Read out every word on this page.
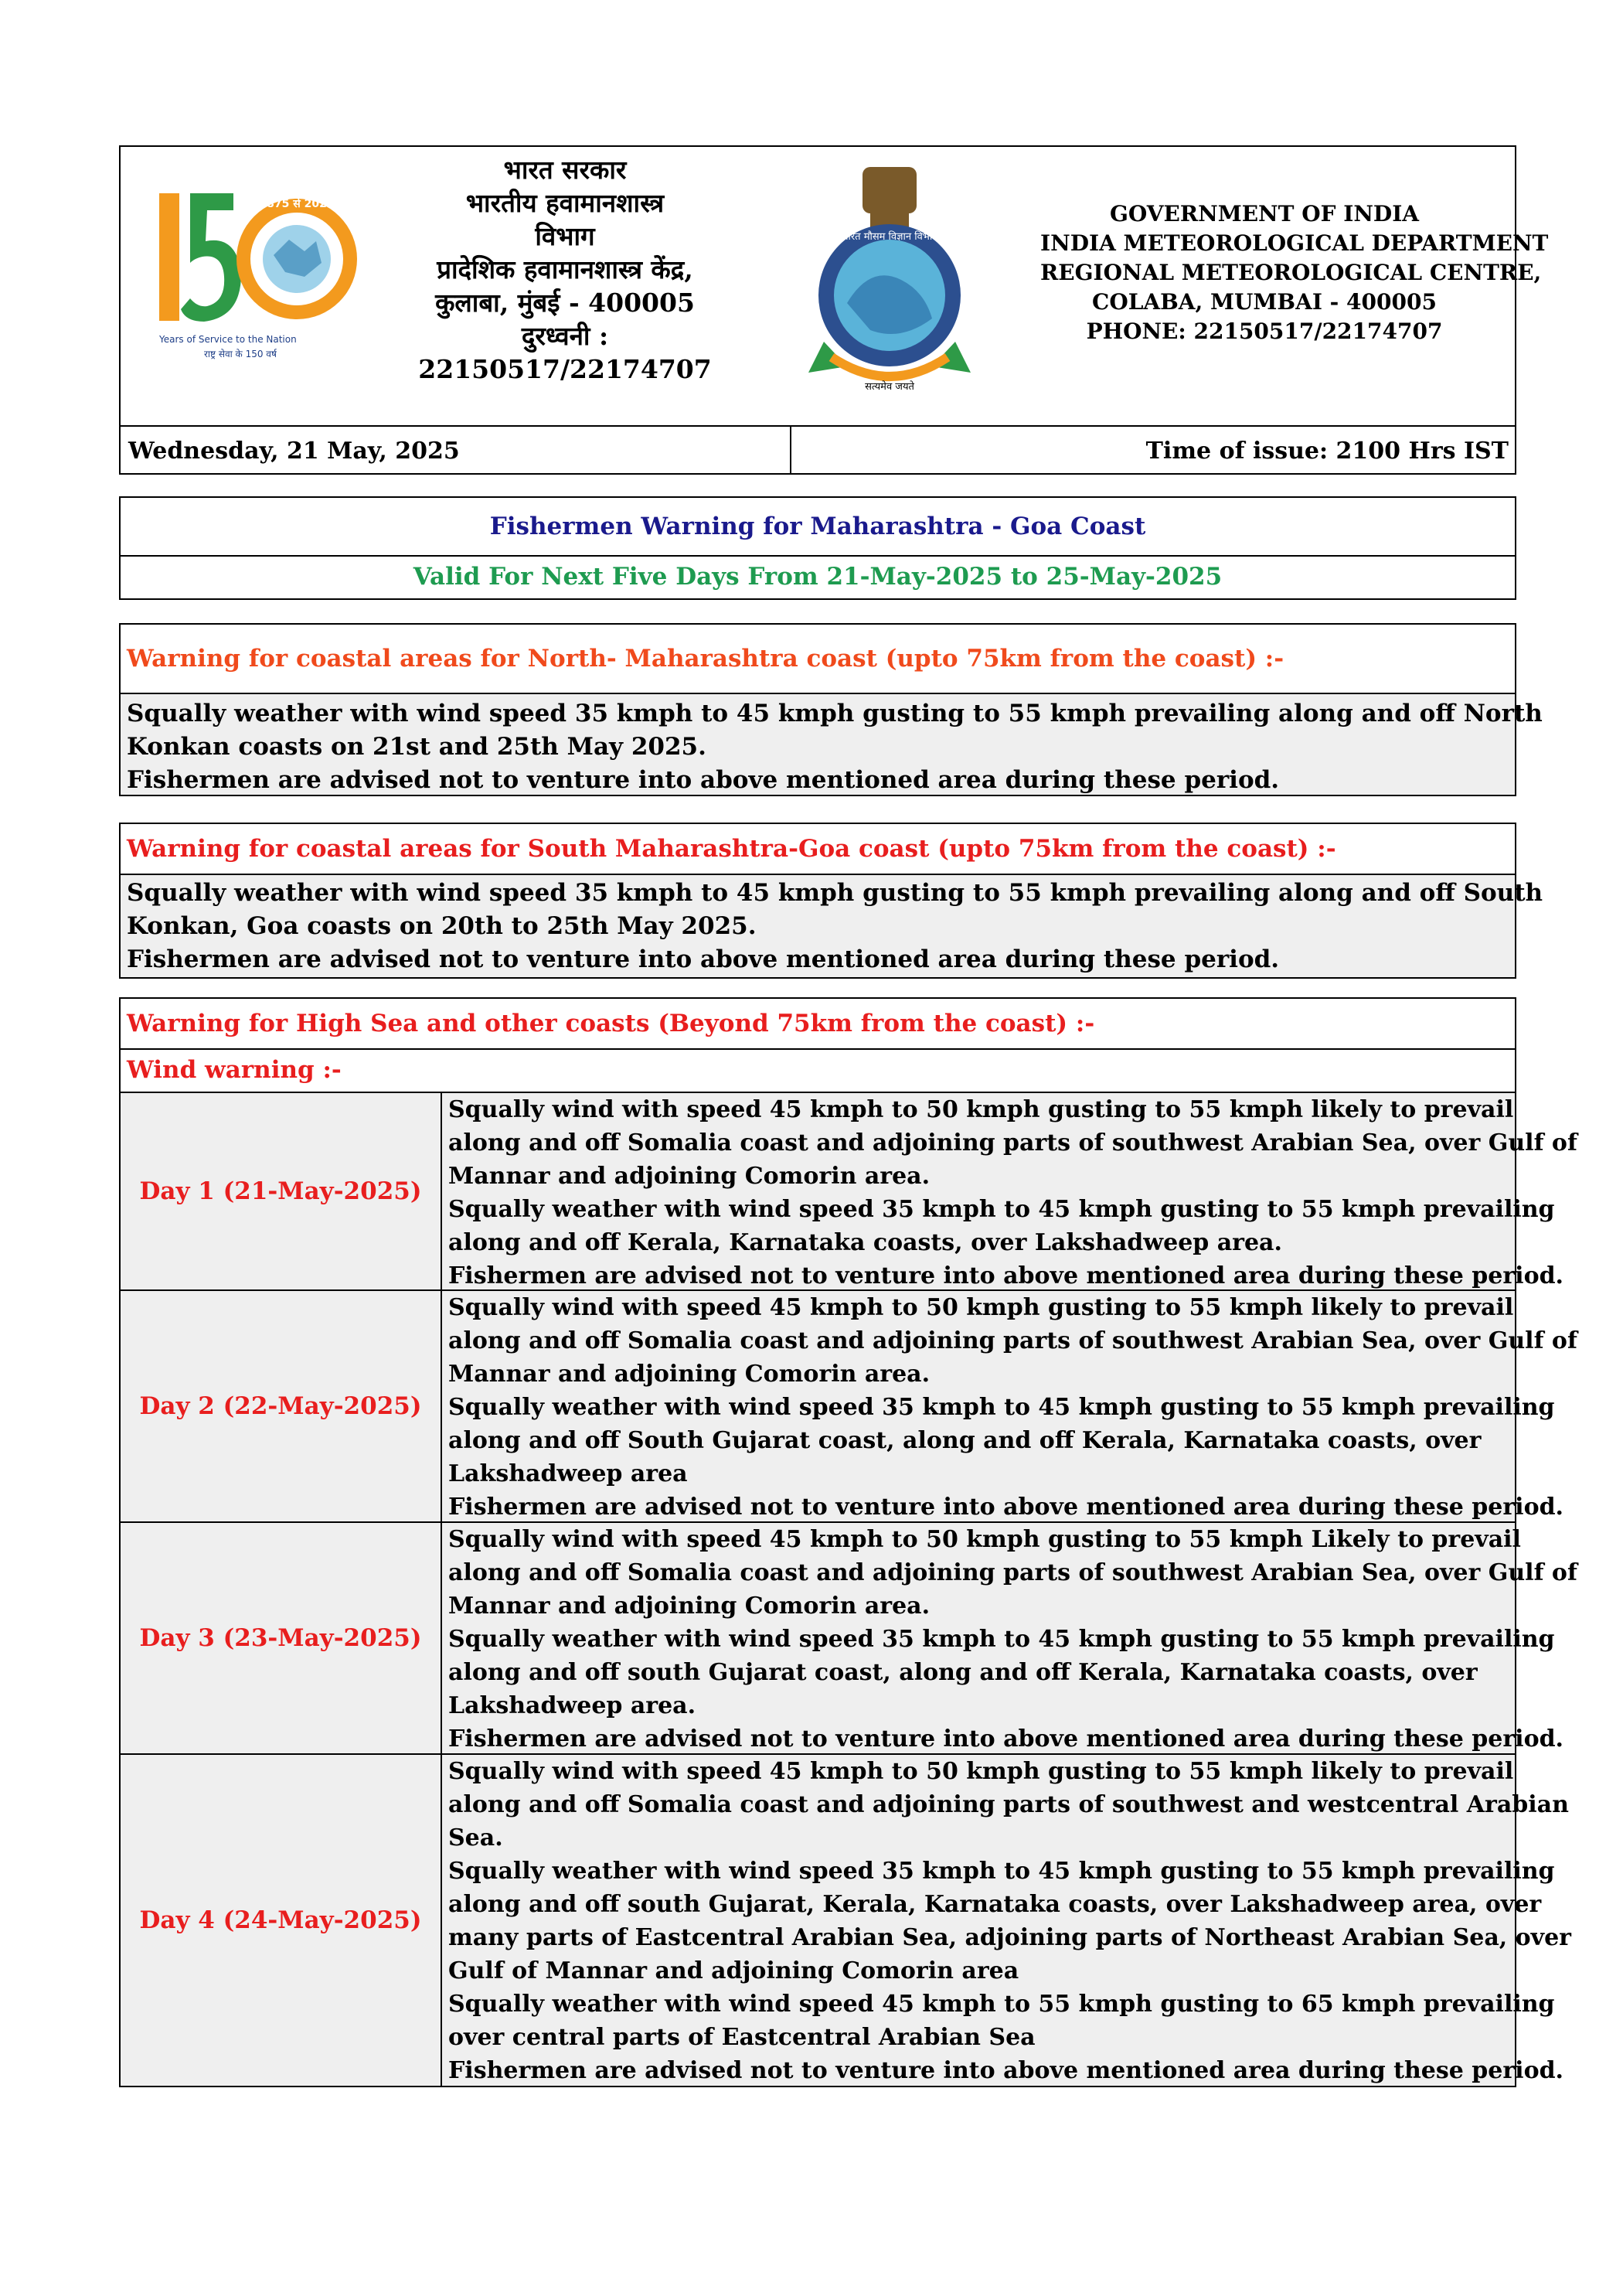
1875 से 2025
Years of Service to the Nation
राष्ट्र सेवा के 150 वर्ष
भारत सरकार
भारतीय हवामानशास्त्र
विभाग
प्रादेशिक हवामानशास्त्र केंद्र,
कुलाबा, मुंबई - 400005
दुरध्वनी :
22150517/22174707
सत्यमेव जयते
भारत मौसम विज्ञान विभाग
GOVERNMENT OF INDIA
INDIA METEOROLOGICAL DEPARTMENT
REGIONAL METEOROLOGICAL CENTRE,
COLABA, MUMBAI - 400005
PHONE: 22150517/22174707
Wednesday, 21 May, 2025	Time of issue: 2100 Hrs IST
Fishermen Warning for Maharashtra - Goa Coast
Valid For Next Five Days From 21-May-2025 to 25-May-2025
Warning for coastal areas for North- Maharashtra coast (upto 75km from the coast) :-
Squally weather with wind speed 35 kmph to 45 kmph gusting to 55 kmph prevailing along and off North
Konkan coasts on 21st and 25th May 2025.
Fishermen are advised not to venture into above mentioned area during these period.
Warning for coastal areas for South Maharashtra-Goa coast (upto 75km from the coast) :-
Squally weather with wind speed 35 kmph to 45 kmph gusting to 55 kmph prevailing along and off South
Konkan, Goa coasts on 20th to 25th May 2025.
Fishermen are advised not to venture into above mentioned area during these period.
Warning for High Sea and other coasts (Beyond 75km from the coast) :-
Wind warning :-
Day 1 (21-May-2025)
Squally wind with speed 45 kmph to 50 kmph gusting to 55 kmph likely to prevail
along and off Somalia coast and adjoining parts of southwest Arabian Sea, over Gulf of
Mannar and adjoining Comorin area.
Squally weather with wind speed 35 kmph to 45 kmph gusting to 55 kmph prevailing
along and off Kerala, Karnataka coasts, over Lakshadweep area.
Fishermen are advised not to venture into above mentioned area during these period.
Day 2 (22-May-2025)
Squally wind with speed 45 kmph to 50 kmph gusting to 55 kmph likely to prevail
along and off Somalia coast and adjoining parts of southwest Arabian Sea, over Gulf of
Mannar and adjoining Comorin area.
Squally weather with wind speed 35 kmph to 45 kmph gusting to 55 kmph prevailing
along and off South Gujarat coast, along and off Kerala, Karnataka coasts, over
Lakshadweep area
Fishermen are advised not to venture into above mentioned area during these period.
Day 3 (23-May-2025)
Squally wind with speed 45 kmph to 50 kmph gusting to 55 kmph Likely to prevail
along and off Somalia coast and adjoining parts of southwest Arabian Sea, over Gulf of
Mannar and adjoining Comorin area.
Squally weather with wind speed 35 kmph to 45 kmph gusting to 55 kmph prevailing
along and off south Gujarat coast, along and off Kerala, Karnataka coasts, over
Lakshadweep area.
Fishermen are advised not to venture into above mentioned area during these period.
Day 4 (24-May-2025)
Squally wind with speed 45 kmph to 50 kmph gusting to 55 kmph likely to prevail
along and off Somalia coast and adjoining parts of southwest and westcentral Arabian
Sea.
Squally weather with wind speed 35 kmph to 45 kmph gusting to 55 kmph prevailing
along and off south Gujarat, Kerala, Karnataka coasts, over Lakshadweep area, over
many parts of Eastcentral Arabian Sea, adjoining parts of Northeast Arabian Sea, over
Gulf of Mannar and adjoining Comorin area
Squally weather with wind speed 45 kmph to 55 kmph gusting to 65 kmph prevailing
over central parts of Eastcentral Arabian Sea
Fishermen are advised not to venture into above mentioned area during these period.
